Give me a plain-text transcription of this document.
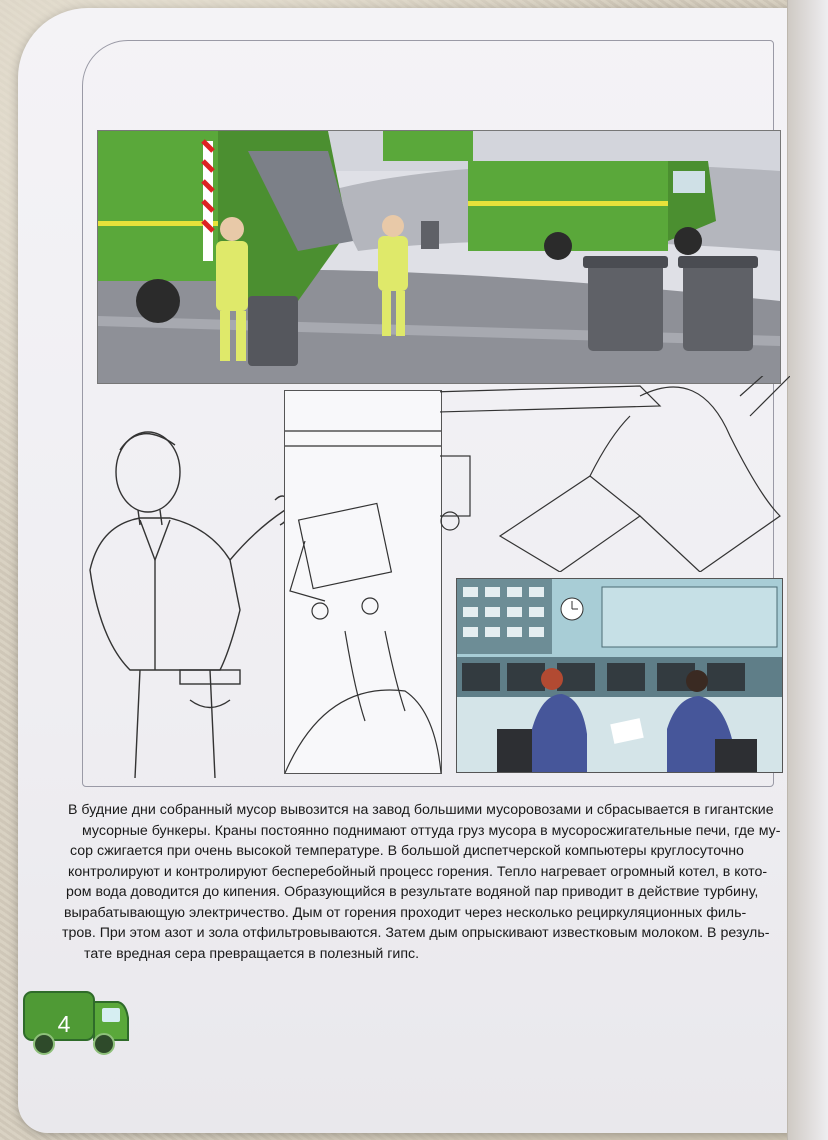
В будние дни собранный мусор вывозится на завод большими мусоровозами и сбрасывается в гигантские
мусорные бункеры. Краны постоянно поднимают оттуда груз мусора в мусоросжигательные печи, где му-
сор сжигается при очень высокой температуре. В большой диспетчерской компьютеры круглосуточно
контролируют и контролируют бесперебойный процесс горения. Тепло нагревает огромный котел, в кото-
ром вода доводится до кипения. Образующийся в результате водяной пар приводит в действие турбину,
вырабатывающую электричество. Дым от горения проходит через несколько рециркуляционных филь-
тров. При этом азот и зола отфильтровываются. Затем дым опрыскивают известковым молоком. В резуль-
тате вредная сера превращается в полезный гипс.
4
